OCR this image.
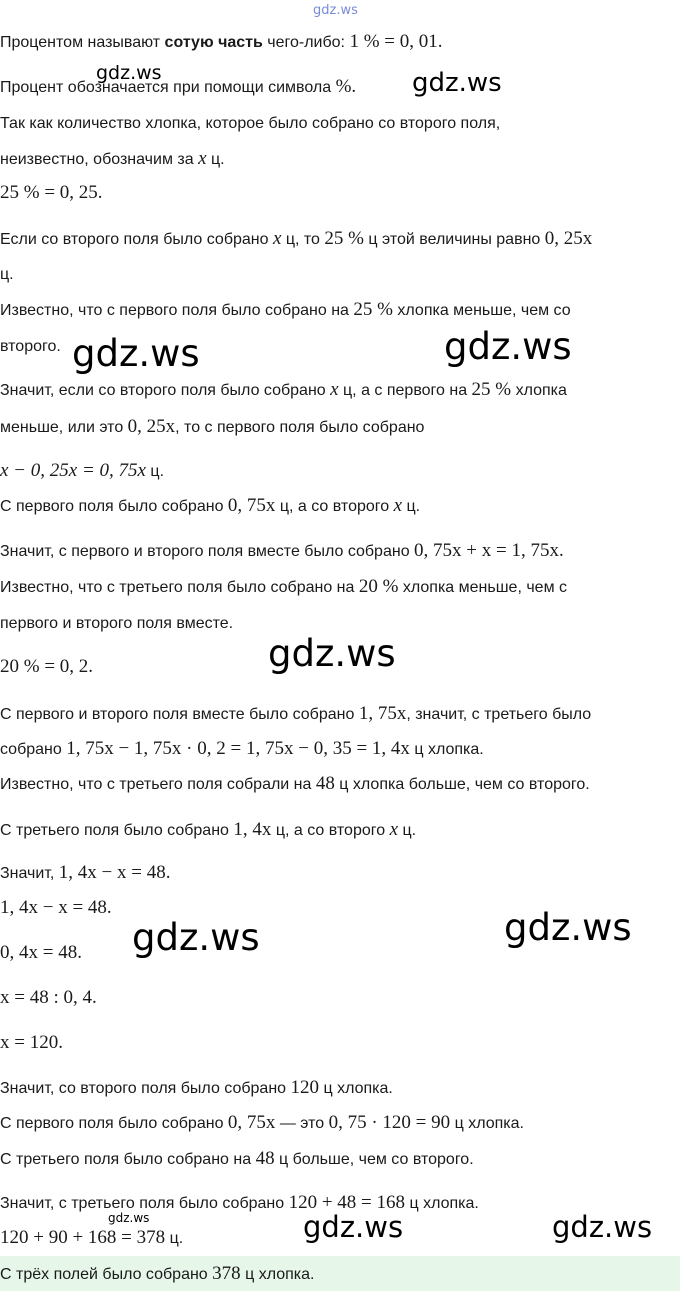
gdz.ws
Процентом называют сотую часть чего-либо: 1 % = 0, 01.
gdz.ws
Процент обозначается при помощи символа %. gdz.ws
Так как количество хлопка, которое было собрано со второго поля,
неизвестно, обозначим за x ц.
25 % = 0, 25.
Если со второго поля было собрано x ц, то 25 % ц этой величины равно 0, 25x
ц.
Известно, что с первого поля было собрано на 25 % хлопка меньше, чем со
второго. gdz.ws	gdz.ws
Значит, если со второго поля было собрано x ц, а с первого на 25 % хлопка
меньше, или это 0, 25x, то с первого поля было собрано
x − 0, 25x = 0, 75x ц.
С первого поля было собрано 0, 75x ц, а со второго x ц.
Значит, с первого и второго поля вместе было собрано 0, 75x + x = 1, 75x.
Известно, что с третьего поля было собрано на 20 % хлопка меньше, чем с
первого и второго поля вместе.
gdz.ws
20 % = 0, 2.
С первого и второго поля вместе было собрано 1, 75x, значит, с третьего было
собрано 1, 75x − 1, 75x · 0, 2 = 1, 75x − 0, 35 = 1, 4x ц хлопка.
Известно, что с третьего поля собрали на 48 ц хлопка больше, чем со второго.
С третьего поля было собрано 1, 4x ц, а со второго x ц.
Значит, 1, 4x − x = 48.
1, 4x − x = 48.
gdz.ws	gdz.ws
0, 4x = 48.
x = 48 : 0, 4.
x = 120.
Значит, со второго поля было собрано 120 ц хлопка.
С первого поля было собрано 0, 75x — это 0, 75 · 120 = 90 ц хлопка.
С третьего поля было собрано на 48 ц больше, чем со второго.
Значит, с третьего поля было собрано 120 + 48 = 168 ц хлопка.
gdz.ws
120 + 90 + 168 = 378 ц.	gdz.ws	gdz.ws
С трёх полей было собрано 378 ц хлопка.
